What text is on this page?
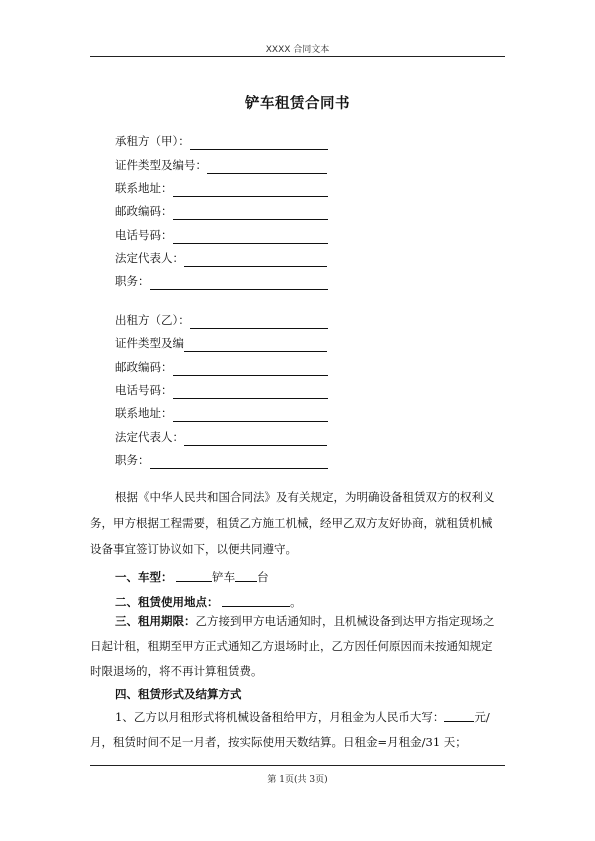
XXXX 合同文本
铲车租赁合同书
承租方（甲）：
证件类型及编号：
联系地址：
邮政编码：
电话号码：
法定代表人：
职务：
出租方（乙）：
证件类型及编
邮政编码：
电话号码：
联系地址：
法定代表人：
职务：
根据《中华人民共和国合同法》及有关规定，为明确设备租赁双方的权利义
务，甲方根据工程需要，租赁乙方施工机械，经甲乙双方友好协商，就租赁机械
设备事宜签订协议如下，以便共同遵守。
一、车型：	铲车 台
二、租赁使用地点：	。
三、租用期限：乙方接到甲方电话通知时，且机械设备到达甲方指定现场之
日起计租，租期至甲方正式通知乙方退场时止，乙方因任何原因而未按通知规定
时限退场的，将不再计算租赁费。
四、租赁形式及结算方式
1、乙方以月租形式将机械设备租给甲方，月租金为人民币大写：	元/
月，租赁时间不足一月者，按实际使用天数结算。日租金=月租金/31 天；
第 1页(共 3页)
